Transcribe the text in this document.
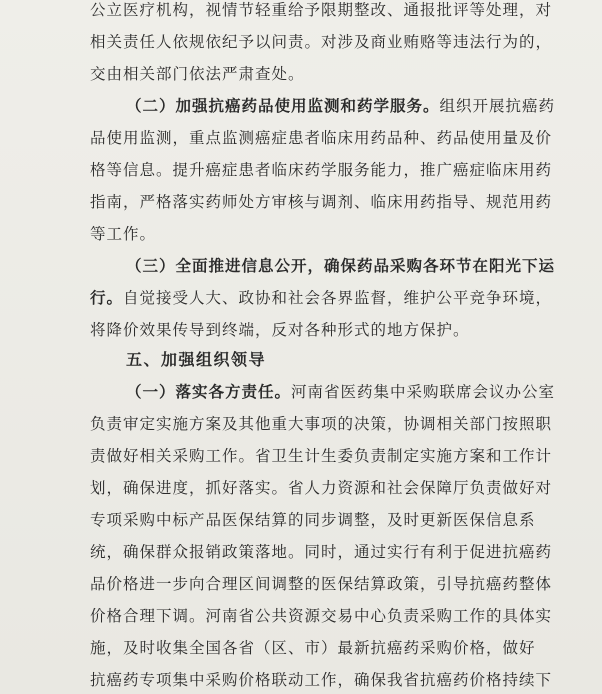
公立医疗机构，视情节轻重给予限期整改、通报批评等处理，对
相关责任人依规依纪予以问责。对涉及商业贿赂等违法行为的，
交由相关部门依法严肃查处。
（二）加强抗癌药品使用监测和药学服务。组织开展抗癌药
品使用监测，重点监测癌症患者临床用药品种、药品使用量及价
格等信息。提升癌症患者临床药学服务能力，推广癌症临床用药
指南，严格落实药师处方审核与调剂、临床用药指导、规范用药
等工作。
（三）全面推进信息公开，确保药品采购各环节在阳光下运
行。自觉接受人大、政协和社会各界监督，维护公平竞争环境，
将降价效果传导到终端，反对各种形式的地方保护。
五、加强组织领导
（一）落实各方责任。河南省医药集中采购联席会议办公室
负责审定实施方案及其他重大事项的决策，协调相关部门按照职
责做好相关采购工作。省卫生计生委负责制定实施方案和工作计
划，确保进度，抓好落实。省人力资源和社会保障厅负责做好对
专项采购中标产品医保结算的同步调整，及时更新医保信息系
统，确保群众报销政策落地。同时，通过实行有利于促进抗癌药
品价格进一步向合理区间调整的医保结算政策，引导抗癌药整体
价格合理下调。河南省公共资源交易中心负责采购工作的具体实
施，及时收集全国各省（区、市）最新抗癌药采购价格，做好
抗癌药专项集中采购价格联动工作，确保我省抗癌药价格持续下
